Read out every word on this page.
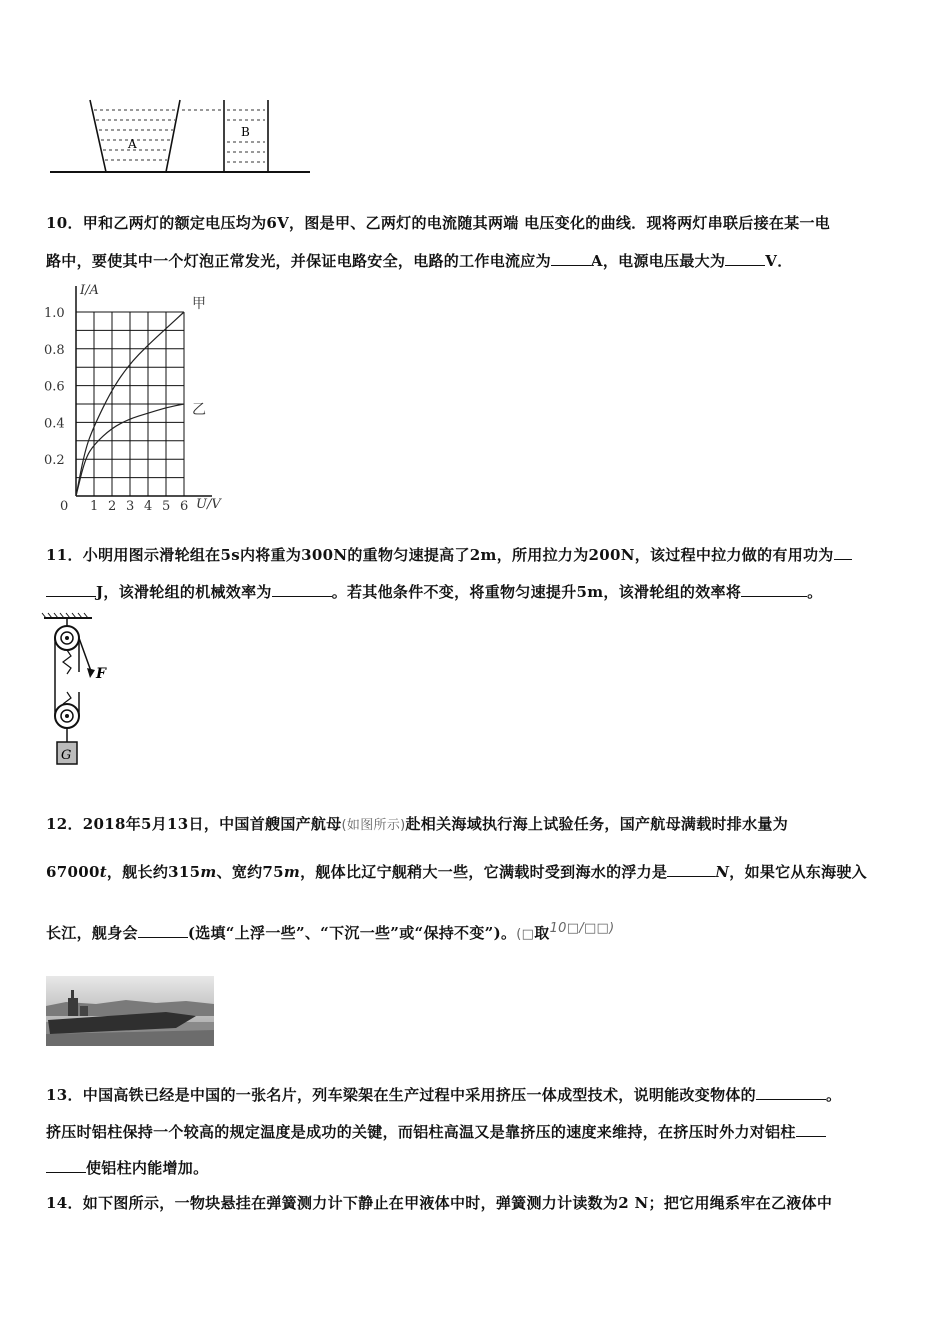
A
B
10．甲和乙两灯的额定电压均为6V，图是甲、乙两灯的电流随其两端 电压变化的曲线．现将两灯串联后接在某一电
路中，要使其中一个灯泡正常发光，并保证电路安全，电路的工作电流应为	A，电源电压最大为	V．
I/A
U/V
0 1 2 3 4 5 6
0.2
0.4
0.6
0.8
1.0
甲
乙
11．小明用图示滑轮组在5s内将重为300N的重物匀速提高了2m，所用拉力为200N，该过程中拉力做的有用功为
J，该滑轮组的机械效率为	。若其他条件不变，将重物匀速提升5m，该滑轮组的效率将	。
F
G
12．2018年5月13日，中国首艘国产航母(如图所示)赴相关海域执行海上试验任务，国产航母满载时排水量为
67000t，舰长约315m、宽约75m，舰体比辽宁舰稍大一些，它满载时受到海水的浮力是	N，如果它从东海驶入
长江，舰身会	(选填“上浮一些”、“下沉一些”或“保持不变”)。(□取10□/□□)
13．中国高铁已经是中国的一张名片，列车梁架在生产过程中采用挤压一体成型技术，说明能改变物体的	。
挤压时铝柱保持一个较高的规定温度是成功的关键，而铝柱高温又是靠挤压的速度来维持，在挤压时外力对铝柱
使铝柱内能增加。
14．如下图所示，一物块悬挂在弹簧测力计下静止在甲液体中时，弹簧测力计读数为2 N；把它用绳系牢在乙液体中
